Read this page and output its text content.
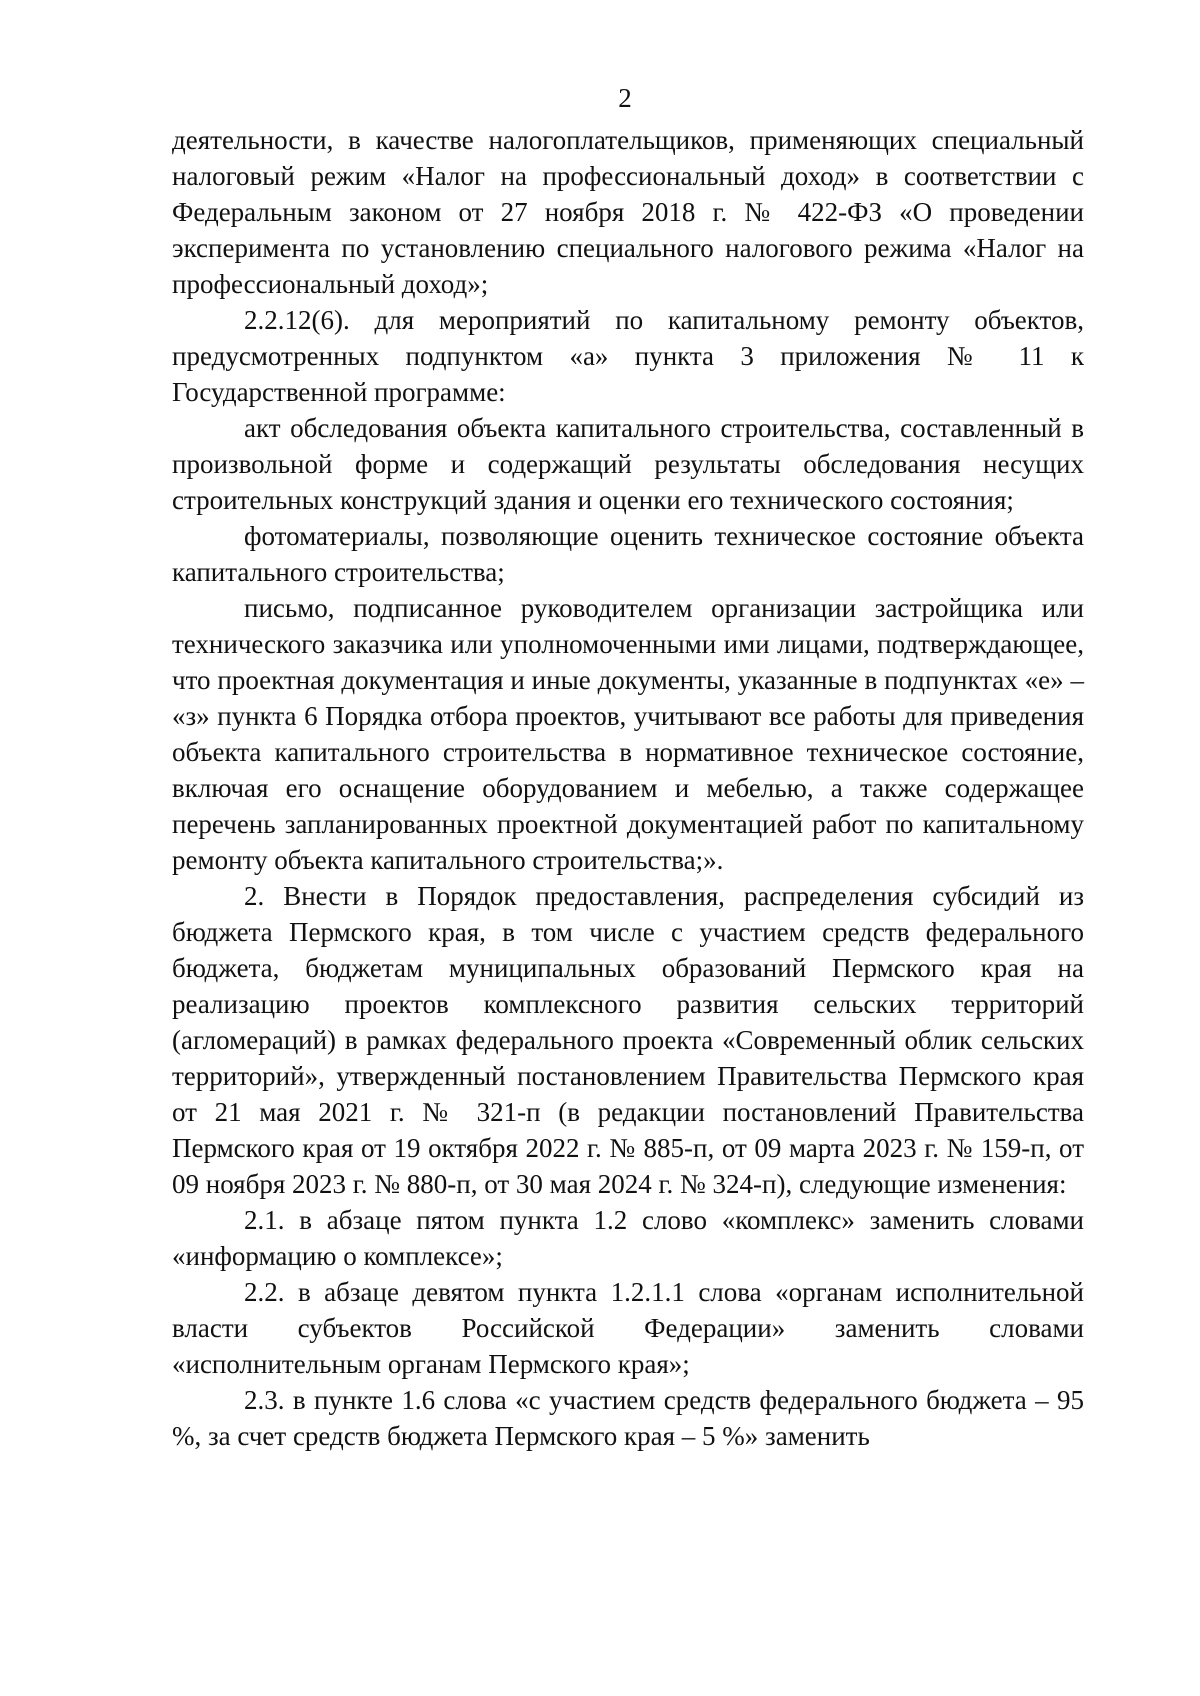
2

деятельности, в качестве налогоплательщиков, применяющих специальный налоговый режим «Налог на профессиональный доход» в соответствии с Федеральным законом от 27 ноября 2018 г. № 422-ФЗ «О проведении эксперимента по установлению специального налогового режима «Налог на профессиональный доход»;

2.2.12(6). для мероприятий по капитальному ремонту объектов, предусмотренных подпунктом «а» пункта 3 приложения № 11 к Государственной программе:

акт обследования объекта капитального строительства, составленный в произвольной форме и содержащий результаты обследования несущих строительных конструкций здания и оценки его технического состояния;

фотоматериалы, позволяющие оценить техническое состояние объекта капитального строительства;

письмо, подписанное руководителем организации застройщика или технического заказчика или уполномоченными ими лицами, подтверждающее, что проектная документация и иные документы, указанные в подпунктах «е» – «з» пункта 6 Порядка отбора проектов, учитывают все работы для приведения объекта капитального строительства в нормативное техническое состояние, включая его оснащение оборудованием и мебелью, а также содержащее перечень запланированных проектной документацией работ по капитальному ремонту объекта капитального строительства;».

2. Внести в Порядок предоставления, распределения субсидий из бюджета Пермского края, в том числе с участием средств федерального бюджета, бюджетам муниципальных образований Пермского края на реализацию проектов комплексного развития сельских территорий (агломераций) в рамках федерального проекта «Современный облик сельских территорий», утвержденный постановлением Правительства Пермского края от 21 мая 2021 г. № 321-п (в редакции постановлений Правительства Пермского края от 19 октября 2022 г. № 885-п, от 09 марта 2023 г. № 159-п, от 09 ноября 2023 г. № 880-п, от 30 мая 2024 г. № 324-п), следующие изменения:

2.1. в абзаце пятом пункта 1.2 слово «комплекс» заменить словами «информацию о комплексе»;

2.2. в абзаце девятом пункта 1.2.1.1 слова «органам исполнительной власти субъектов Российской Федерации» заменить словами «исполнительным органам Пермского края»;

2.3. в пункте 1.6 слова «с участием средств федерального бюджета – 95 %, за счет средств бюджета Пермского края – 5 %» заменить
